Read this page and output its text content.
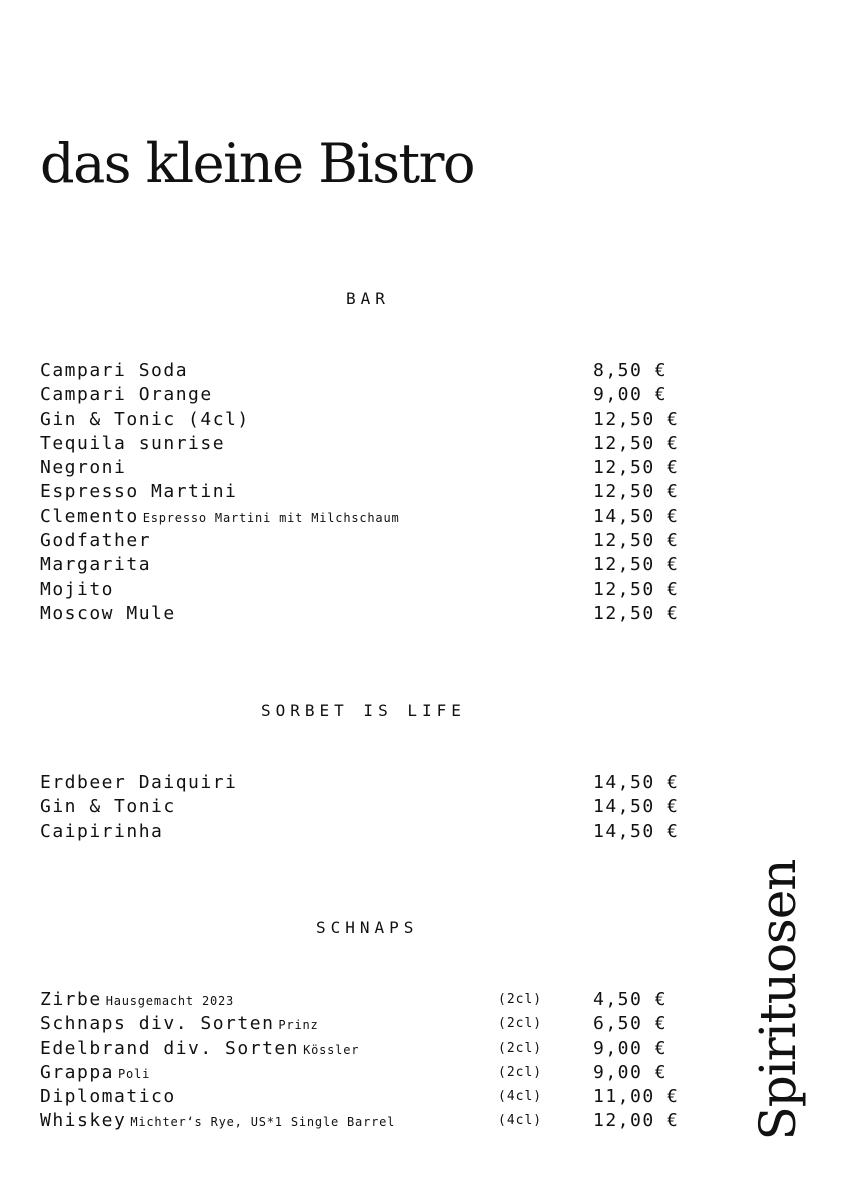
das kleine Bistro
BAR
Campari Soda	8,50 €
Campari Orange	9,00 €
Gin & Tonic (4cl)	12,50 €
Tequila sunrise	12,50 €
Negroni	12,50 €
Espresso Martini	12,50 €
Clemento Espresso Martini mit Milchschaum	14,50 €
Godfather	12,50 €
Margarita	12,50 €
Mojito	12,50 €
Moscow Mule	12,50 €
SORBET IS LIFE
Erdbeer Daiquiri	14,50 €
Gin & Tonic	14,50 €
Caipirinha	14,50 €
SCHNAPS
Zirbe Hausgemacht 2023	(2cl)	4,50 €
Schnaps div. Sorten Prinz	(2cl)	6,50 €
Edelbrand div. Sorten Kössler	(2cl)	9,00 €
Grappa Poli	(2cl)	9,00 €
Diplomatico	(4cl)	11,00 €
Whiskey Michter‘s Rye, US*1 Single Barrel	(4cl)	12,00 € Spirituosen
